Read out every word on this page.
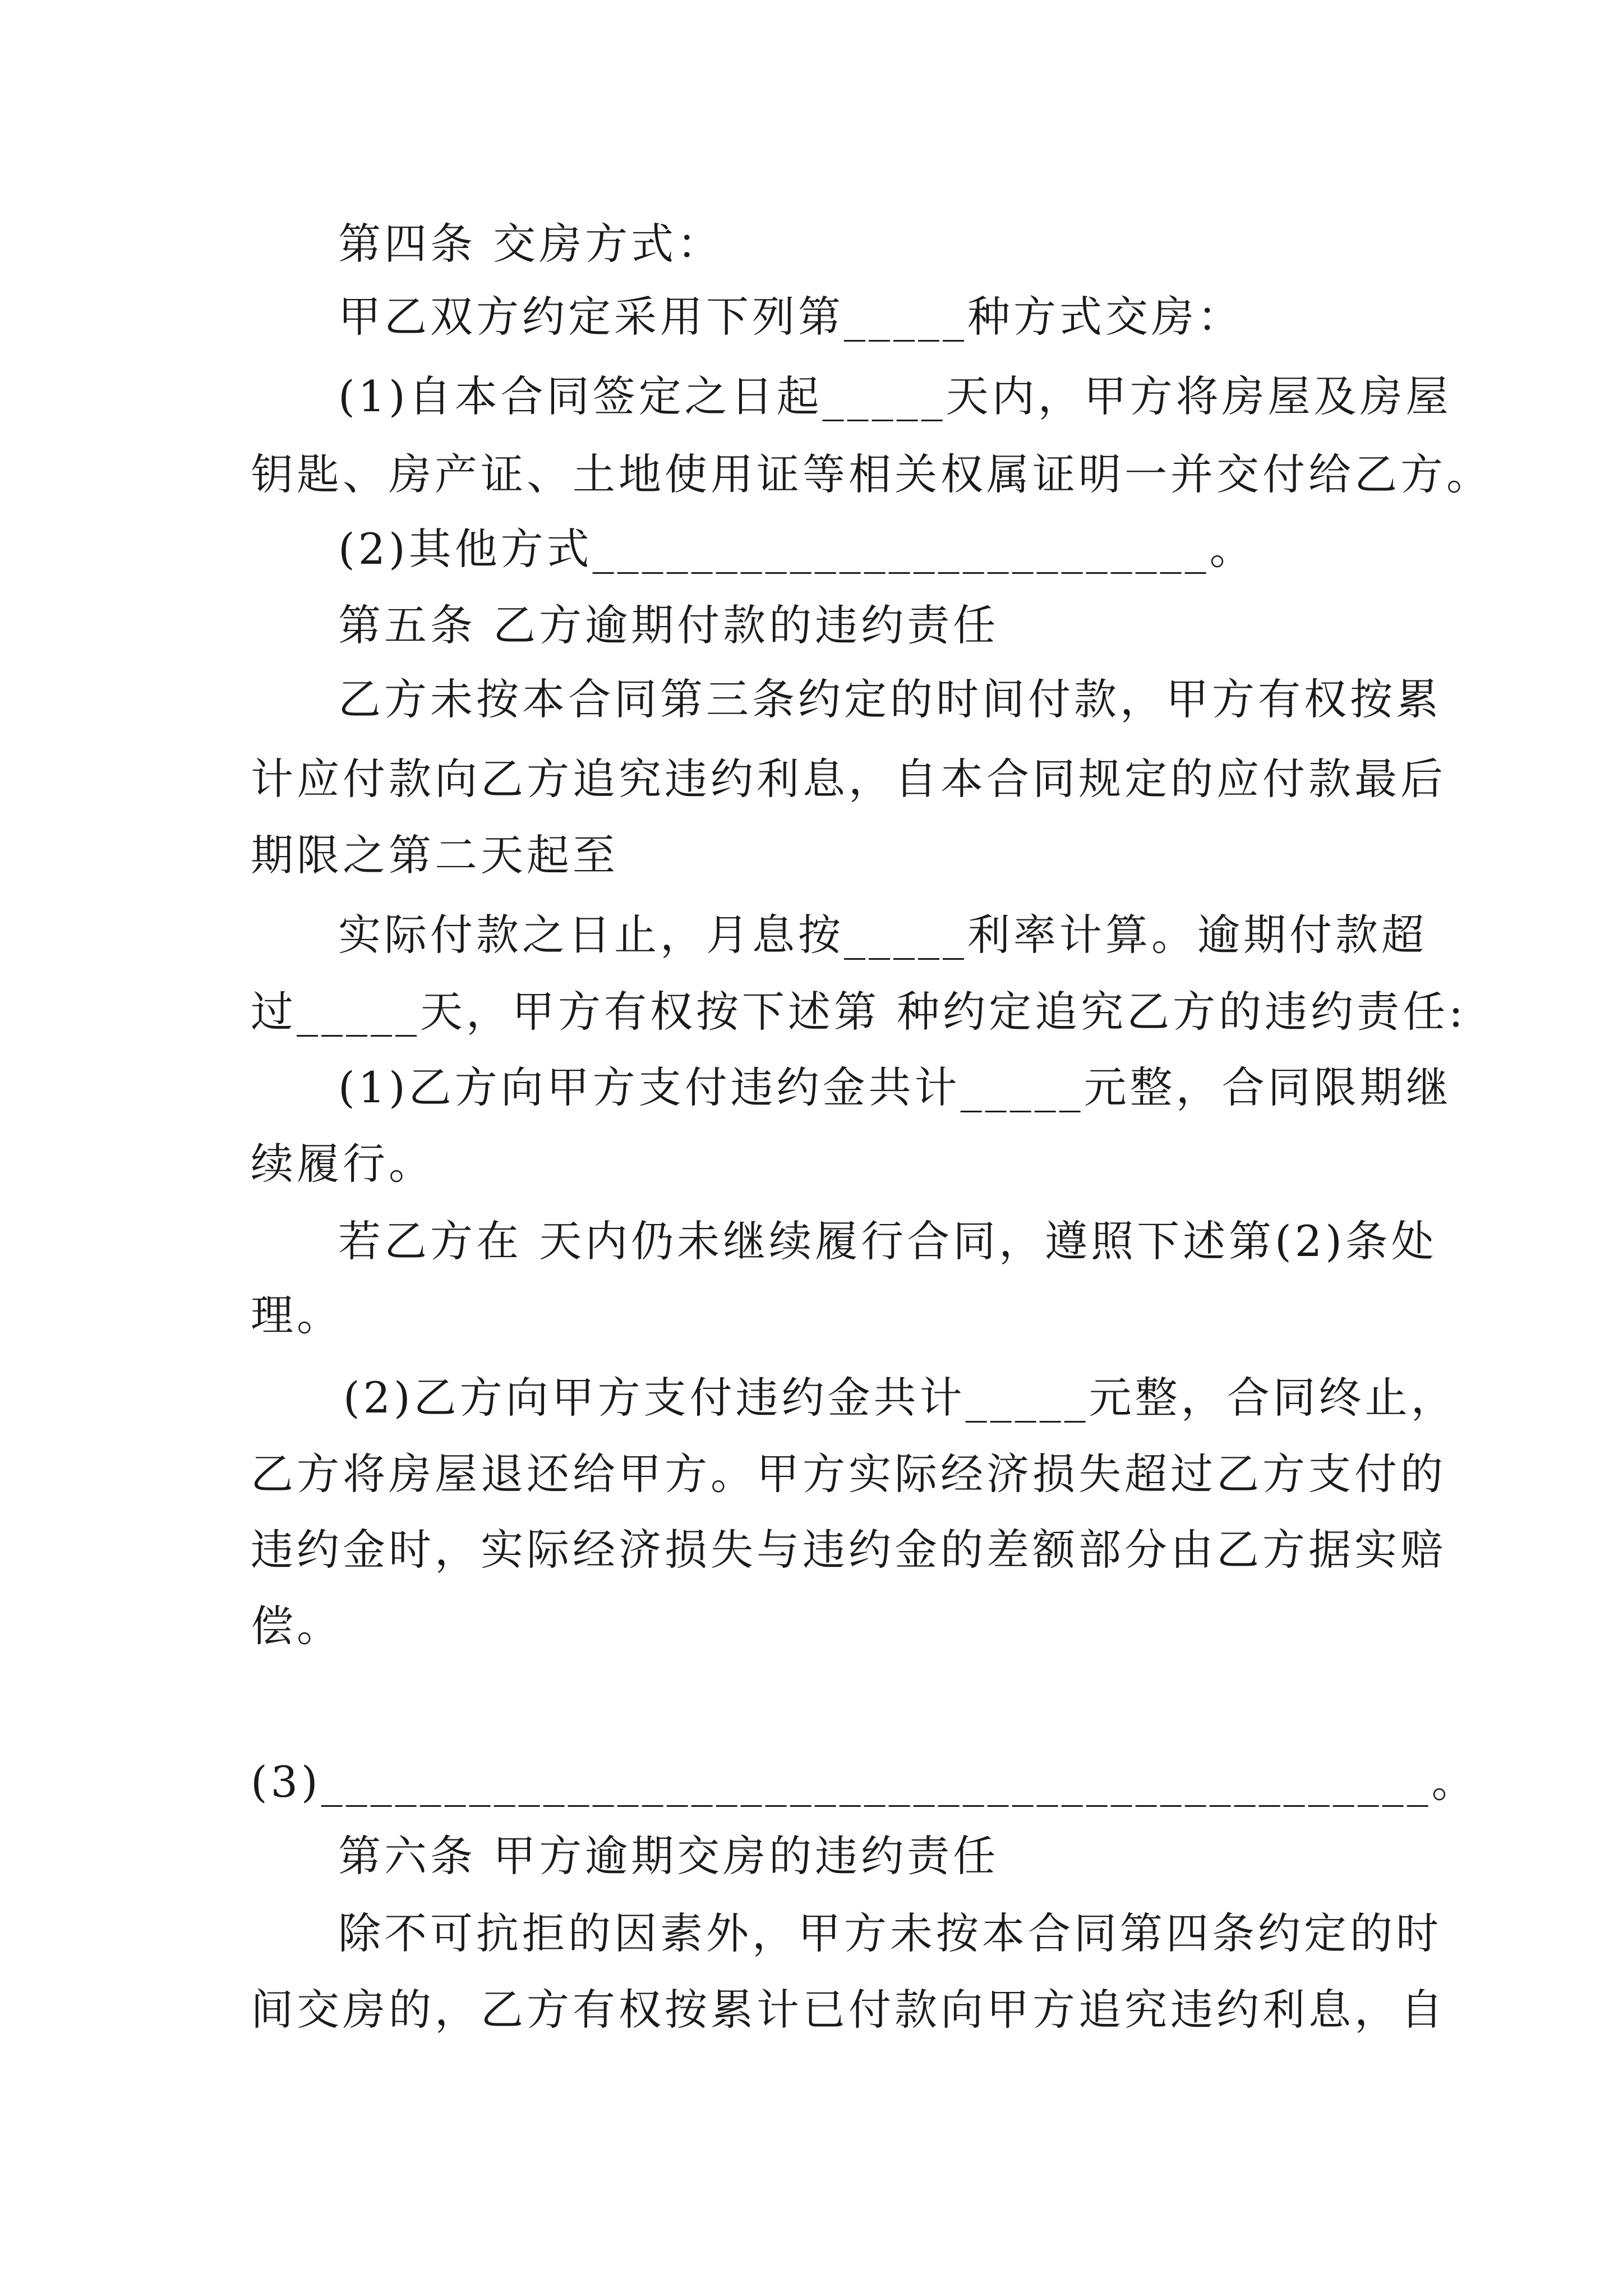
第四条 交房方式：

甲乙双方约定采用下列第_____种方式交房：

(1)自本合同签定之日起_____天内，甲方将房屋及房屋

钥匙、房产证、土地使用证等相关权属证明一并交付给乙方。

(2)其他方式_________________________。

第五条 乙方逾期付款的违约责任

乙方未按本合同第三条约定的时间付款，甲方有权按累

计应付款向乙方追究违约利息，自本合同规定的应付款最后

期限之第二天起至

实际付款之日止，月息按_____利率计算。逾期付款超

过_____天，甲方有权按下述第 种约定追究乙方的违约责任:

(1)乙方向甲方支付违约金共计_____元整，合同限期继

续履行。

若乙方在 天内仍未继续履行合同，遵照下述第(2)条处

理。

(2)乙方向甲方支付违约金共计_____元整，合同终止，

乙方将房屋退还给甲方。甲方实际经济损失超过乙方支付的

违约金时，实际经济损失与违约金的差额部分由乙方据实赔

偿。

(3)_____________________________________________。

第六条 甲方逾期交房的违约责任

除不可抗拒的因素外，甲方未按本合同第四条约定的时

间交房的，乙方有权按累计已付款向甲方追究违约利息，自
